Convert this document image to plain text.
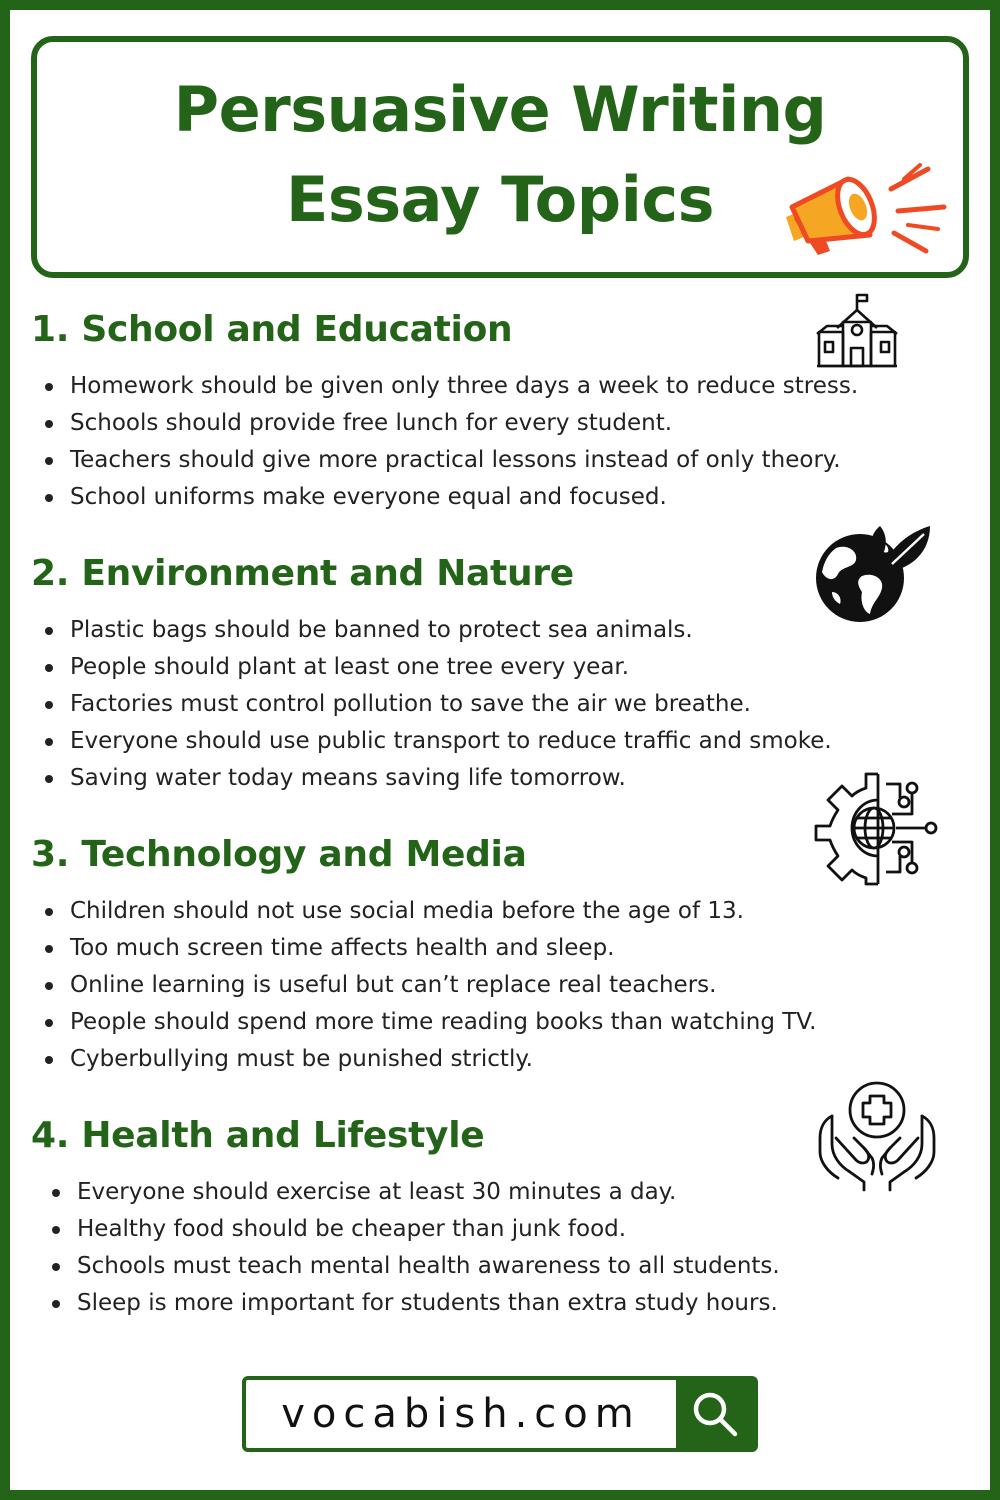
Persuasive Writing
Essay Topics
1. School and Education
Homework should be given only three days a week to reduce stress.
Schools should provide free lunch for every student.
Teachers should give more practical lessons instead of only theory.
School uniforms make everyone equal and focused.
2. Environment and Nature
Plastic bags should be banned to protect sea animals.
People should plant at least one tree every year.
Factories must control pollution to save the air we breathe.
Everyone should use public transport to reduce traffic and smoke.
Saving water today means saving life tomorrow.
3. Technology and Media
Children should not use social media before the age of 13.
Too much screen time affects health and sleep.
Online learning is useful but can’t replace real teachers.
People should spend more time reading books than watching TV.
Cyberbullying must be punished strictly.
4. Health and Lifestyle
Everyone should exercise at least 30 minutes a day.
Healthy food should be cheaper than junk food.
Schools must teach mental health awareness to all students.
Sleep is more important for students than extra study hours.
vocabish.com
